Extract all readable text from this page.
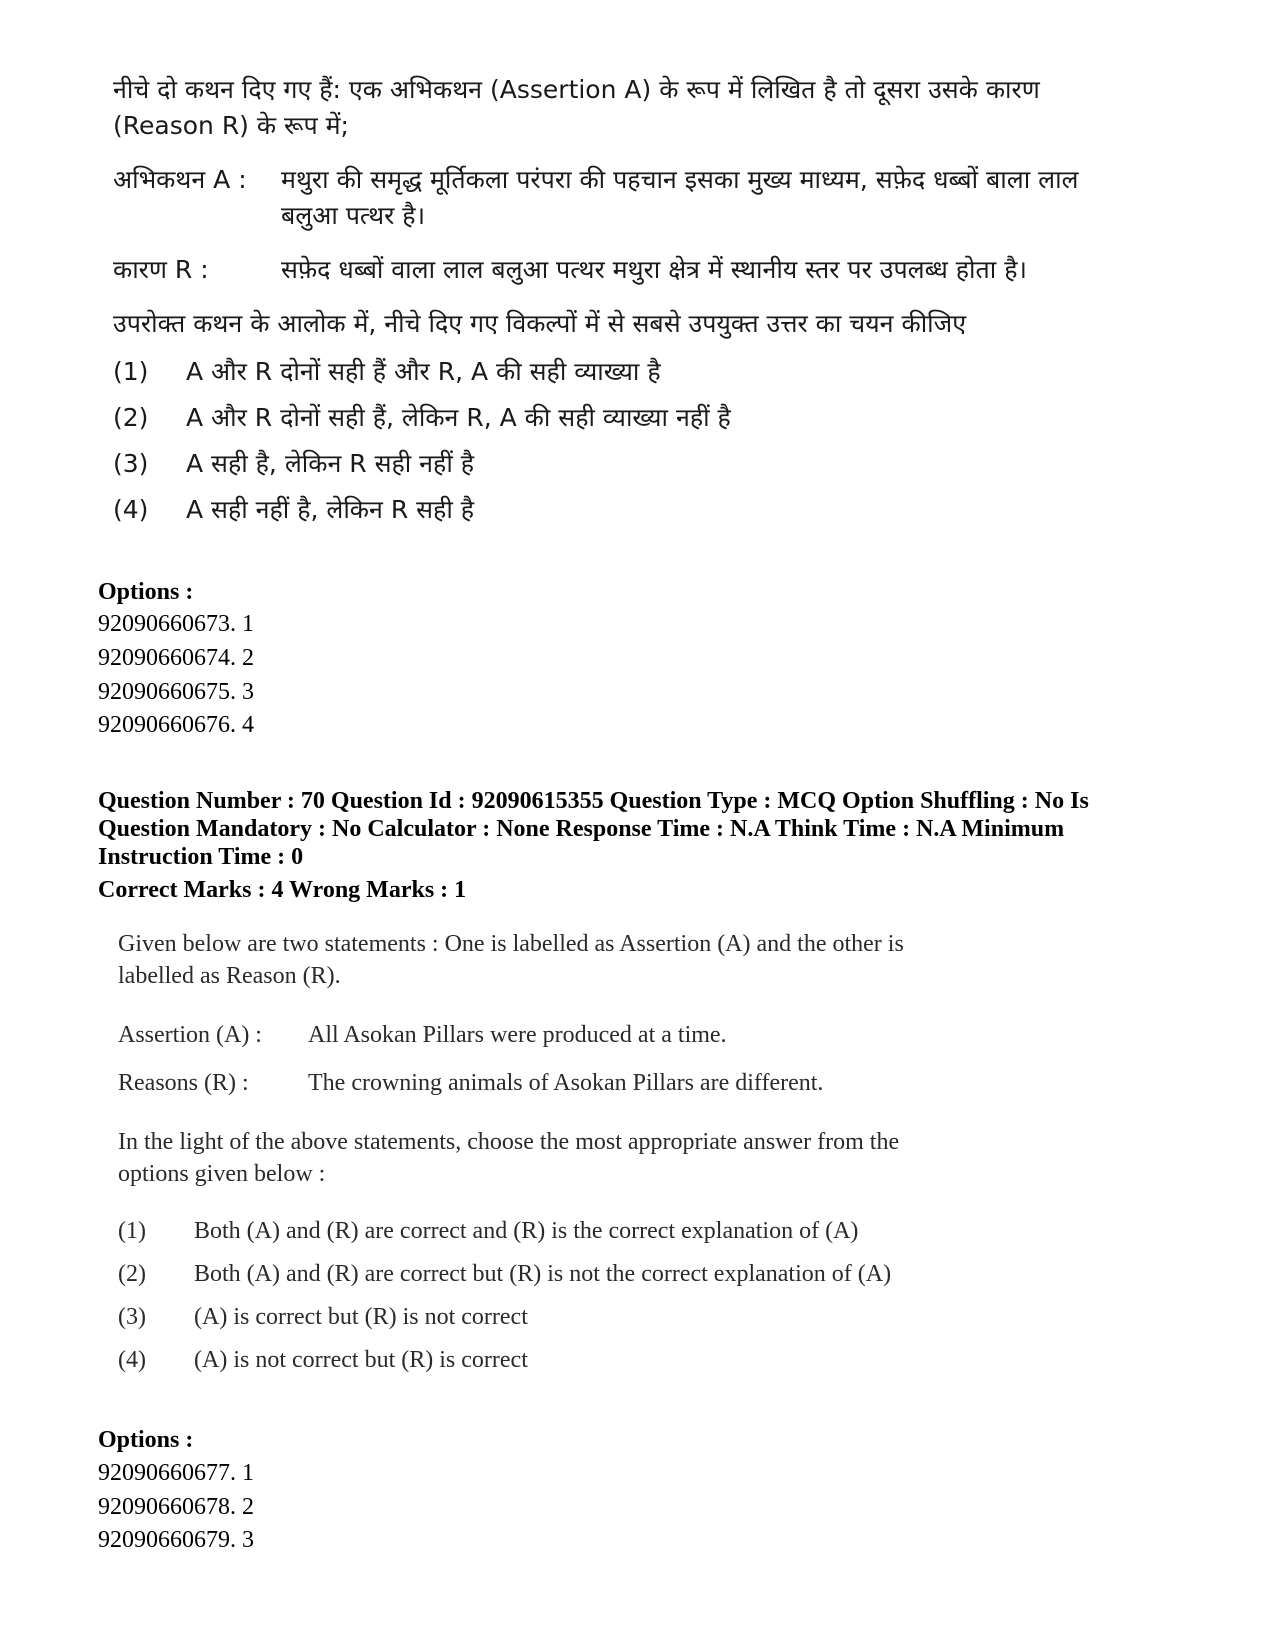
नीचे दो कथन दिए गए हैं: एक अभिकथन (Assertion A) के रूप में लिखित है तो दूसरा उसके कारण

(Reason R) के रूप में;

अभिकथन A :	मथुरा की समृद्ध मूर्तिकला परंपरा की पहचान इसका मुख्य माध्यम, सफ़ेद धब्बों बाला लाल
बलुआ पत्थर है।
कारण R :	सफ़ेद धब्बों वाला लाल बलुआ पत्थर मथुरा क्षेत्र में स्थानीय स्तर पर उपलब्ध होता है।

उपरोक्त कथन के आलोक में, नीचे दिए गए विकल्पों में से सबसे उपयुक्त उत्तर का चयन कीजिए

(1)	A और R दोनों सही हैं और R, A की सही व्याख्या है
(2)	A और R दोनों सही हैं, लेकिन R, A की सही व्याख्या नहीं है
(3)	A सही है, लेकिन R सही नहीं है
(4)	A सही नहीं है, लेकिन R सही है
Options :
92090660673. 1
92090660674. 2
92090660675. 3
92090660676. 4
Question Number : 70 Question Id : 92090615355 Question Type : MCQ Option Shuffling : No Is
Question Mandatory : No Calculator : None Response Time : N.A Think Time : N.A Minimum
Instruction Time : 0
Correct Marks : 4 Wrong Marks : 1

Given below are two statements : One is labelled as Assertion (A) and the other is

labelled as Reason (R).

Assertion (A) :	All Asokan Pillars were produced at a time.
Reasons (R) :	The crowning animals of Asokan Pillars are different.

In the light of the above statements, choose the most appropriate answer from the

options given below :

(1)	Both (A) and (R) are correct and (R) is the correct explanation of (A)
(2)	Both (A) and (R) are correct but (R) is not the correct explanation of (A)
(3)	(A) is correct but (R) is not correct
(4)	(A) is not correct but (R) is correct
Options :
92090660677. 1
92090660678. 2
92090660679. 3
